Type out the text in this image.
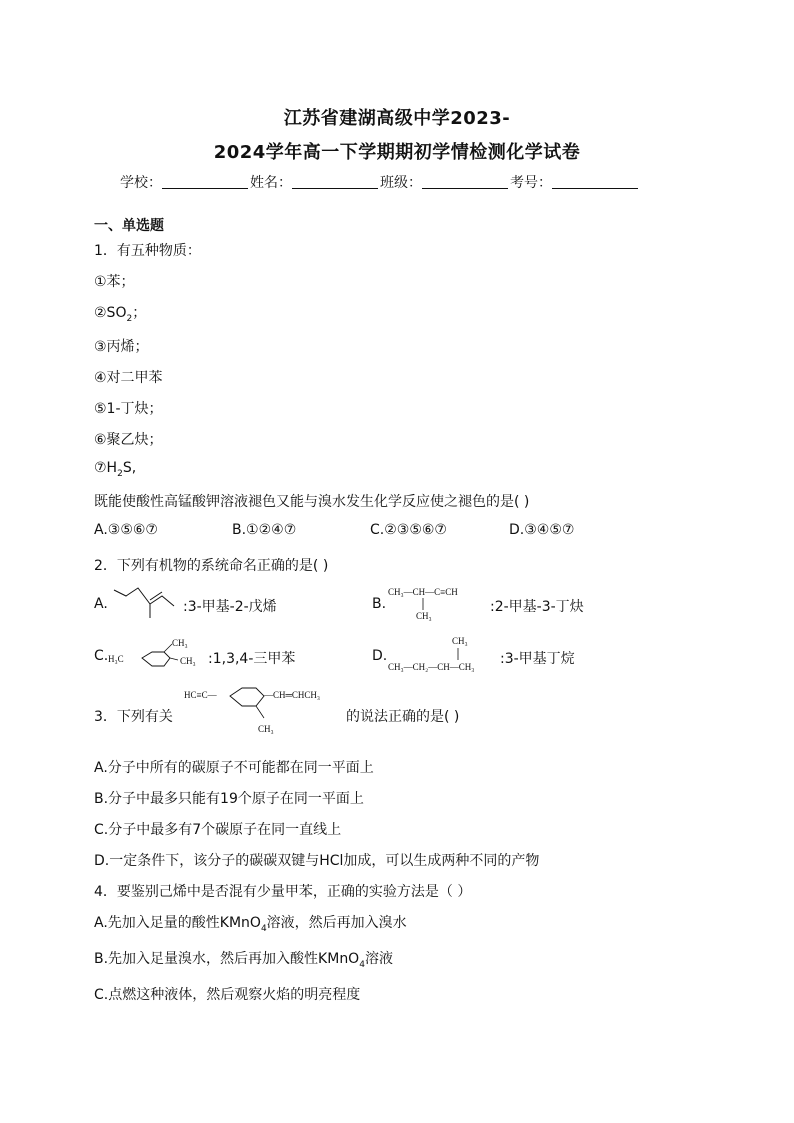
江苏省建湖高级中学2023-
2024学年高一下学期期初学情检测化学试卷
学校：	姓名：	班级：	考号：
一、单选题
1．有五种物质：
①苯；
$②SO_2$；
③丙烯；
④对二甲苯
⑤1-丁炔；
⑥聚乙炔；
$⑦H_2S$,
既能使酸性高锰酸钾溶液褪色又能与溴水发生化学反应使之褪色的是( )
A.③⑤⑥⑦	B.①②④⑦	C.②③⑤⑥⑦	D.③④⑤⑦
2．下列有机物的系统命名正确的是( )
A.	:3-甲基-2-戊烯	B.
CH₃—CH—C≡CH
CH₃
:2-甲基-3-丁炔
C. H₃C
CH₃
CH₃ :1,3,4-三甲苯	D.
CH₃
CH₃—CH₂—CH—CH₃ :3-甲基丁烷
3．下列有关
HC≡C—	—CH═CHCH₃
CH₃
的说法正确的是( )
A.分子中所有的碳原子不可能都在同一平面上
B.分子中最多只能有19个原子在同一平面上
C.分子中最多有7个碳原子在同一直线上
D.一定条件下，该分子的碳碳双键与HCl加成，可以生成两种不同的产物
4．要鉴别己烯中是否混有少量甲苯，正确的实验方法是（ ）
A.先加入足量的酸性KMnO$_4$溶液，然后再加入溴水
B.先加入足量溴水，然后再加入酸性KMnO$_4$溶液
C.点燃这种液体，然后观察火焰的明亮程度
